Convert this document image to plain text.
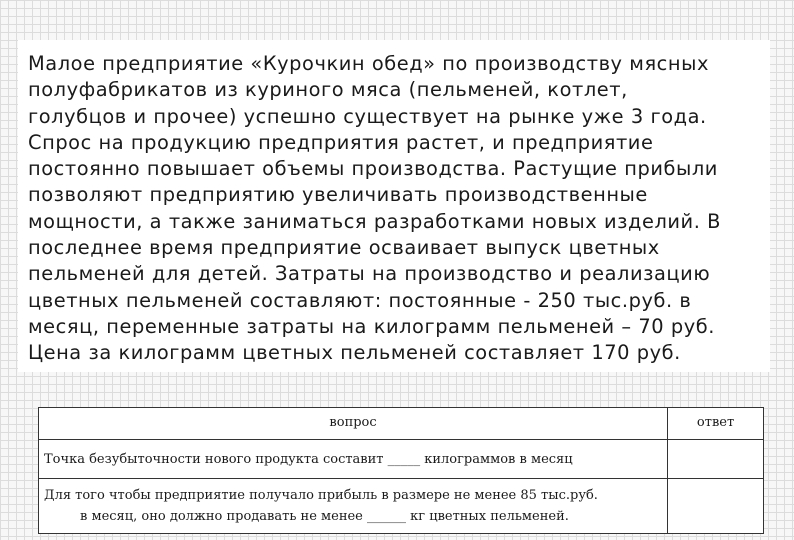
Малое предприятие «Курочкин обед» по производству мясных
полуфабрикатов из куриного мяса (пельменей, котлет,
голубцов и прочее) успешно существует на рынке уже 3 года.
Спрос на продукцию предприятия растет, и предприятие
постоянно повышает объемы производства. Растущие прибыли
позволяют предприятию увеличивать производственные
мощности, а также заниматься разработками новых изделий. В
последнее время предприятие осваивает выпуск цветных
пельменей для детей. Затраты на производство и реализацию
цветных пельменей составляют: постоянные - 250 тыс.руб. в
месяц, переменные затраты на килограмм пельменей – 70 руб.
Цена за килограмм цветных пельменей составляет 170 руб.
вопрос	ответ
Точка безубыточности нового продукта составит _____ килограммов в месяц	
Для того чтобы предприятие получало прибыль в размере не менее 85 тыс.руб.
в месяц, оно должно продавать не менее ______ кг цветных пельменей.	
